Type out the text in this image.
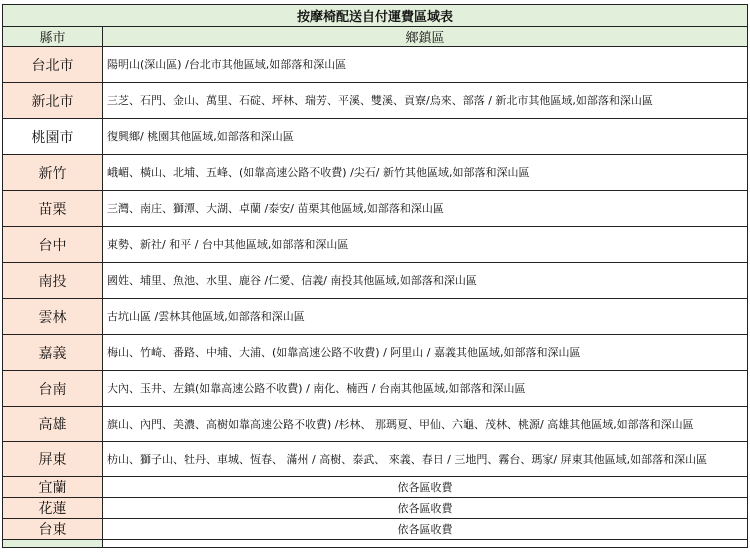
按摩椅配送自付運費區域表	
縣市	鄉鎮區
台北市	陽明山(深山區) /台北市其他區域,如部落和深山區
新北市	三芝、石門、金山、萬里、石碇、坪林、瑞芳、平溪、雙溪、貢寮/烏來、部落 / 新北市其他區域,如部落和深山區
桃園市	復興鄉/ 桃園其他區域,如部落和深山區
新竹	峨嵋、橫山、北埔、五峰、(如靠高速公路不收費) /尖石/ 新竹其他區域,如部落和深山區
苗栗	三灣、南庄、獅潭、大湖、卓蘭 /泰安/ 苗栗其他區域,如部落和深山區
台中	東勢、新社/ 和平 / 台中其他區域,如部落和深山區
南投	國姓、埔里、魚池、水里、鹿谷 /仁愛、信義/ 南投其他區域,如部落和深山區
雲林	古坑山區 /雲林其他區域,如部落和深山區
嘉義	梅山、竹崎、番路、中埔、大浦、(如靠高速公路不收費) / 阿里山 / 嘉義其他區域,如部落和深山區
台南	大內、玉井、左鎮(如靠高速公路不收費) / 南化、楠西 / 台南其他區域,如部落和深山區
高雄	旗山、內門、美濃、高樹如靠高速公路不收費) /杉林、 那瑪夏、甲仙、六龜、茂林、桃源/ 高雄其他區域,如部落和深山區
屏東	枋山、獅子山、牡丹、車城、恆春、 滿州 / 高樹、泰武、 來義、春日 / 三地門、霧台、瑪家/ 屏東其他區域,如部落和深山區
宜蘭	依各區收費
花蓮	依各區收費
台東	依各區收費
